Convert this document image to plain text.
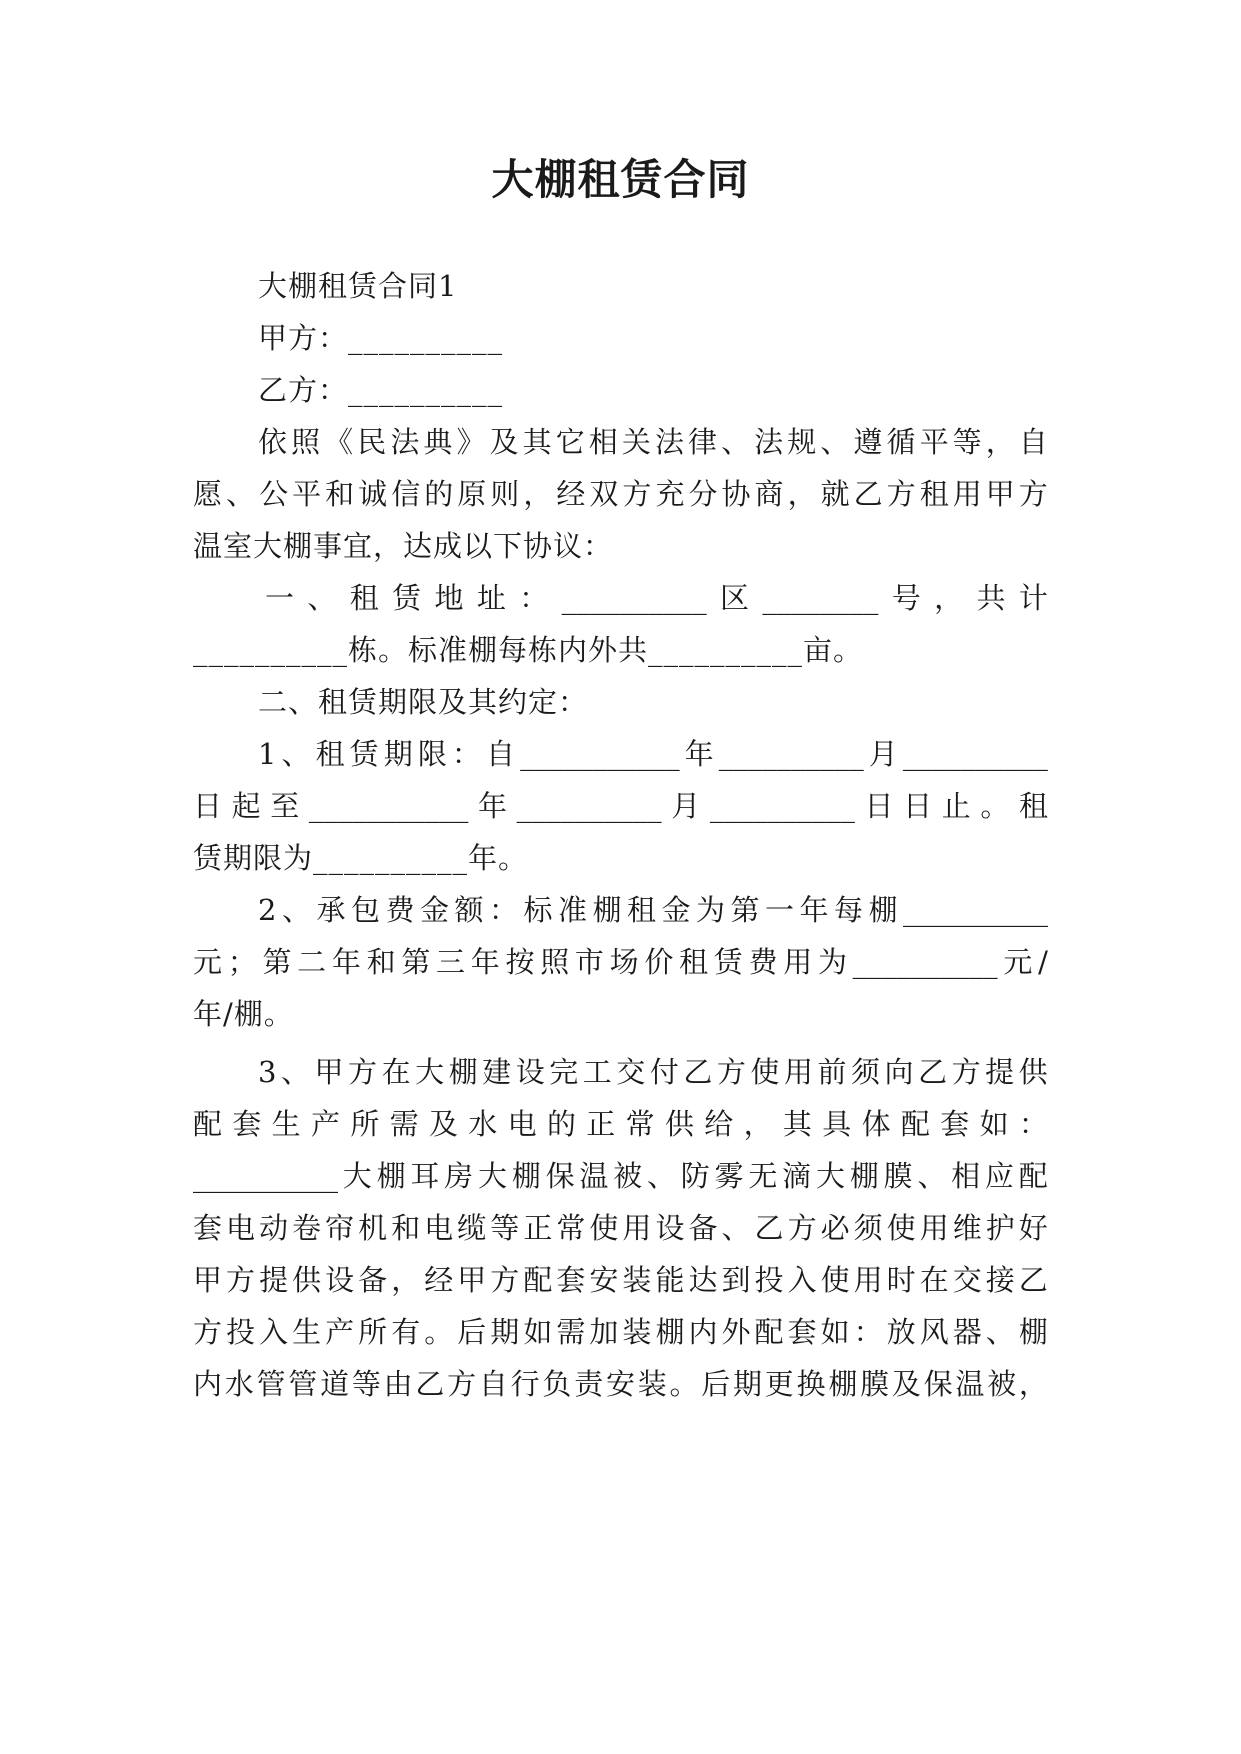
大棚租赁合同
大棚租赁合同1
甲方：__________
乙方：__________
依 照 《 民 法 典 》 及 其 它 相 关 法 律 、 法 规 、 遵 循 平 等 ， 自
愿 、 公 平 和 诚 信 的 原 则 ， 经 双 方 充 分 协 商 ， 就 乙 方 租 用 甲 方
温室大棚事宜，达成以下协议：
一 、 租 赁 地 址 ： __________ 区 ________ 号 ， 共 计
__________栋。标准棚每栋内外共__________亩。
二、租赁期限及其约定：
1 、 租 赁 期 限 ： 自 ___________ 年 __________ 月 __________
日 起 至 ___________ 年 __________ 月 __________ 日 日 止 。 租
赁期限为__________年。
2 、 承 包 费 金 额 ： 标 准 棚 租 金 为 第 一 年 每 棚 __________
元 ； 第 二 年 和 第 三 年 按 照 市 场 价 租 赁 费 用 为 __________ 元 /
年/棚。
3 、 甲 方 在 大 棚 建 设 完 工 交 付 乙 方 使 用 前 须 向 乙 方 提 供
配 套 生 产 所 需 及 水 电 的 正 常 供 给 ， 其 具 体 配 套 如 ：
__________ 大 棚 耳 房 大 棚 保 温 被 、 防 雾 无 滴 大 棚 膜 、 相 应 配
套 电 动 卷 帘 机 和 电 缆 等 正 常 使 用 设 备 、 乙 方 必 须 使 用 维 护 好
甲 方 提 供 设 备 ， 经 甲 方 配 套 安 装 能 达 到 投 入 使 用 时 在 交 接 乙
方 投 入 生 产 所 有 。 后 期 如 需 加 装 棚 内 外 配 套 如 ： 放 风 器 、 棚
内 水 管 管 道 等 由 乙 方 自 行 负 责 安 装 。 后 期 更 换 棚 膜 及 保 温 被 ，
